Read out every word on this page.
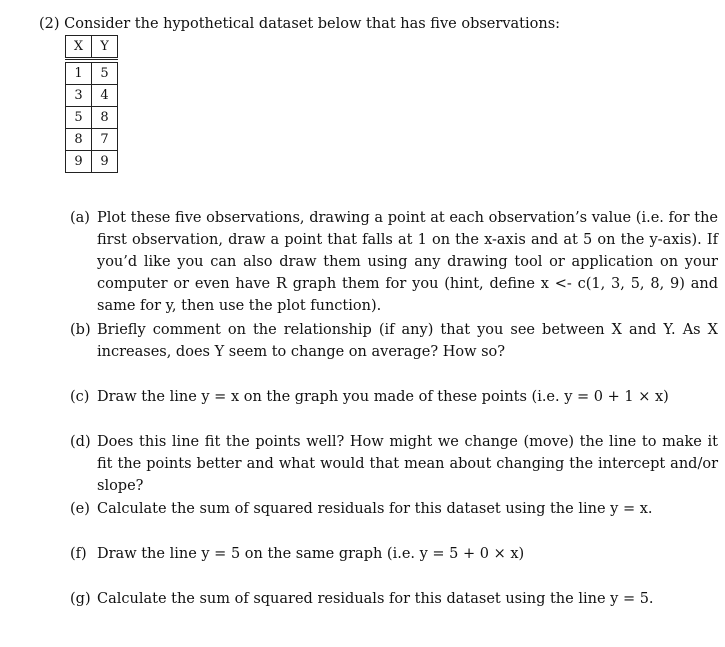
(2) Consider the hypothetical dataset below that has five observations:
X	Y

1	5
3	4
5	8
8	7
9	9
(a) Plot these five observations, drawing a point at each observation’s value (i.e. for the first observation, draw a point that falls at 1 on the x-axis and at 5 on the y-axis). If you’d like you can also draw them using any drawing tool or application on your computer or even have R graph them for you (hint, define x <- c(1, 3, 5, 8, 9) and same for y, then use the plot function).
(b) Briefly comment on the relationship (if any) that you see between X and Y. As X increases, does Y seem to change on average? How so?
(c) Draw the line y = x on the graph you made of these points (i.e. y = 0 + 1 × x)
(d) Does this line fit the points well? How might we change (move) the line to make it fit the points better and what would that mean about changing the intercept and/or slope?
(e) Calculate the sum of squared residuals for this dataset using the line y = x.
(f) Draw the line y = 5 on the same graph (i.e. y = 5 + 0 × x)
(g) Calculate the sum of squared residuals for this dataset using the line y = 5.
